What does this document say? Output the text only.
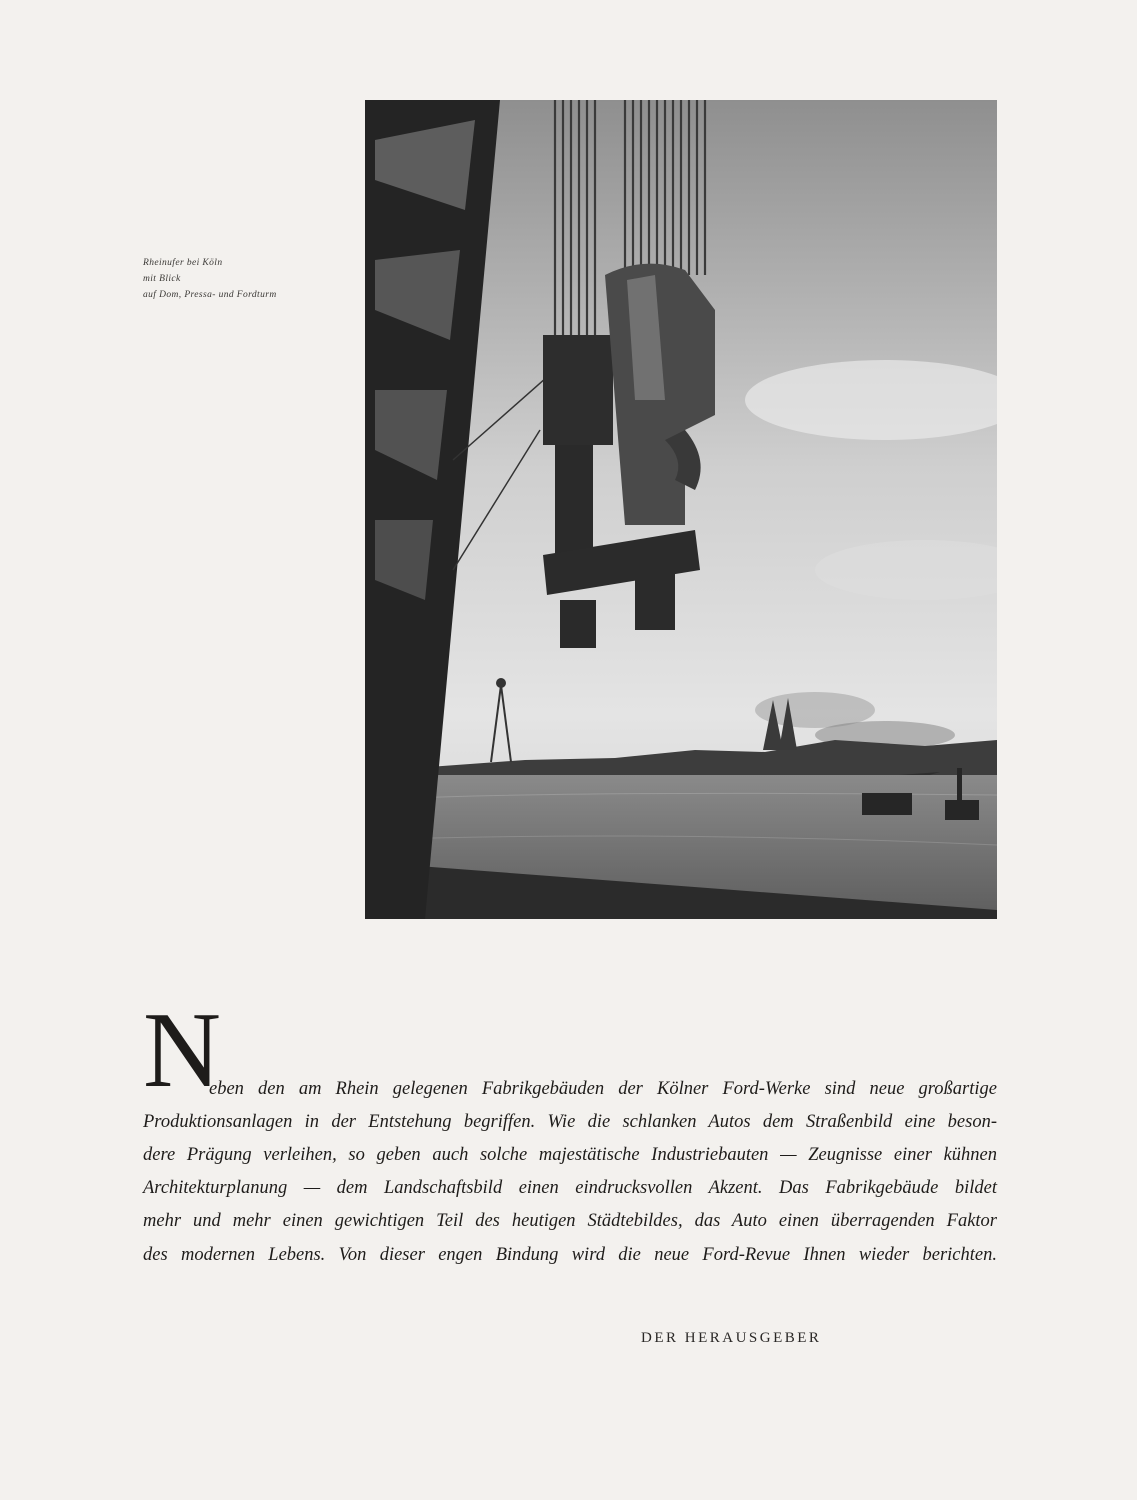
Rheinufer bei Köln
mit Blick
auf Dom, Pressa- und Fordturm
N
eben den am Rhein gelegenen Fabrikgebäuden der Kölner Ford-Werke sind neue großartige
Produktionsanlagen in der Entstehung begriffen. Wie die schlanken Autos dem Straßenbild eine beson-
dere Prägung verleihen, so geben auch solche majestätische Industriebauten — Zeugnisse einer kühnen
Architekturplanung — dem Landschaftsbild einen eindrucksvollen Akzent. Das Fabrikgebäude bildet
mehr und mehr einen gewichtigen Teil des heutigen Städtebildes, das Auto einen überragenden Faktor
des modernen Lebens. Von dieser engen Bindung wird die neue Ford-Revue Ihnen wieder berichten.
DER HERAUSGEBER
